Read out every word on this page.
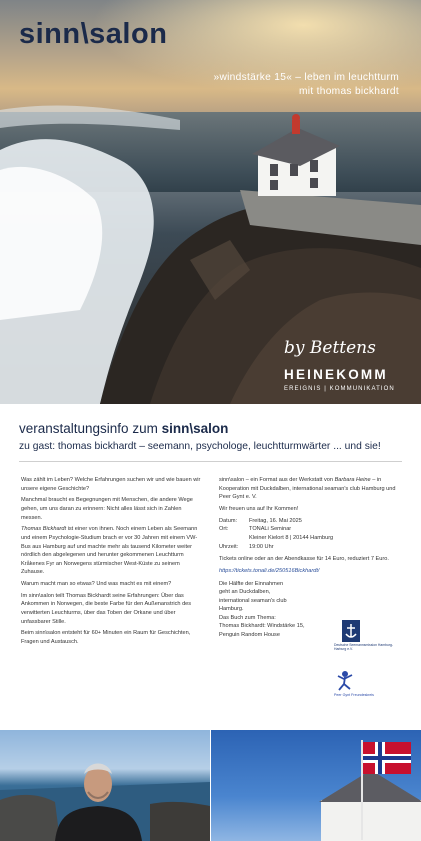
sinn\salon
»windstärke 15« – leben im leuchtturm
mit thomas bickhardt
by Bettens
HEINEKOMM
EREIGNIS | KOMMUNIKATION
veranstaltungsinfo zum sinn\salon
zu gast: thomas bickhardt – seemann, psychologe, leuchtturmwärter ... und sie!

Was zählt im Leben? Welche Erfahrungen suchen wir und wie bauen wir unsere eigene Geschichte?

Manchmal braucht es Begegnungen mit Menschen, die andere Wege gehen, um uns daran zu erinnern: Nicht alles lässt sich in Zahlen messen.

Thomas Bickhardt ist einer von ihnen. Noch einem Leben als Seemann und einem Psychologie-Studium brach er vor 30 Jahren mit einem VW-Bus aus Hamburg auf und machte mehr als tausend Kilometer weiter nördlich den abgelegenen und herunter gekommenen Leuchtturm Kråkenes Fyr an Norwegens stürmischer West-Küste zu seinem Zuhause.

Warum macht man so etwas? Und was macht es mit einem?

Im sinn\salon teilt Thomas Bickhardt seine Erfahrungen: Über das Ankommen in Norwegen, die beste Farbe für den Außenanstrich des verwitterten Leuchturms, über das Toben der Orkane und über unfassbarer Stille.

Beim sinn\salon entsteht für 60+ Minuten ein Raum für Geschichten, Fragen und Austausch.

sinn\salon – ein Format aus der Werkstatt von Barbara Heine – in Kooperation mit Duckdalben, international seaman's club Hamburg und Peer Gynt e. V.

Wir freuen uns auf Ihr Kommen!

Datum:	Freitag, 16. Mai 2025
Ort:	TONALi Seminar
Kleiner Kielort 8 | 20144 Hamburg
Uhrzeit:	19:00 Uhr

Tickets online oder an der Abendkasse für 14 Euro, reduziert 7 Euro.

https://tickets.tonali.de/250516Bickhardt/

Die Hälfte der Einnahmen
geht an Duckdalben,
international seaman's club
Hamburg.
Das Buch zum Thema:
Thomas Bickhardt: Windstärke 15,
Penguin Random House
Deutsche Seemannsmission Hamburg-Harburg e.V.
Peer Gynt Freundeskreis
